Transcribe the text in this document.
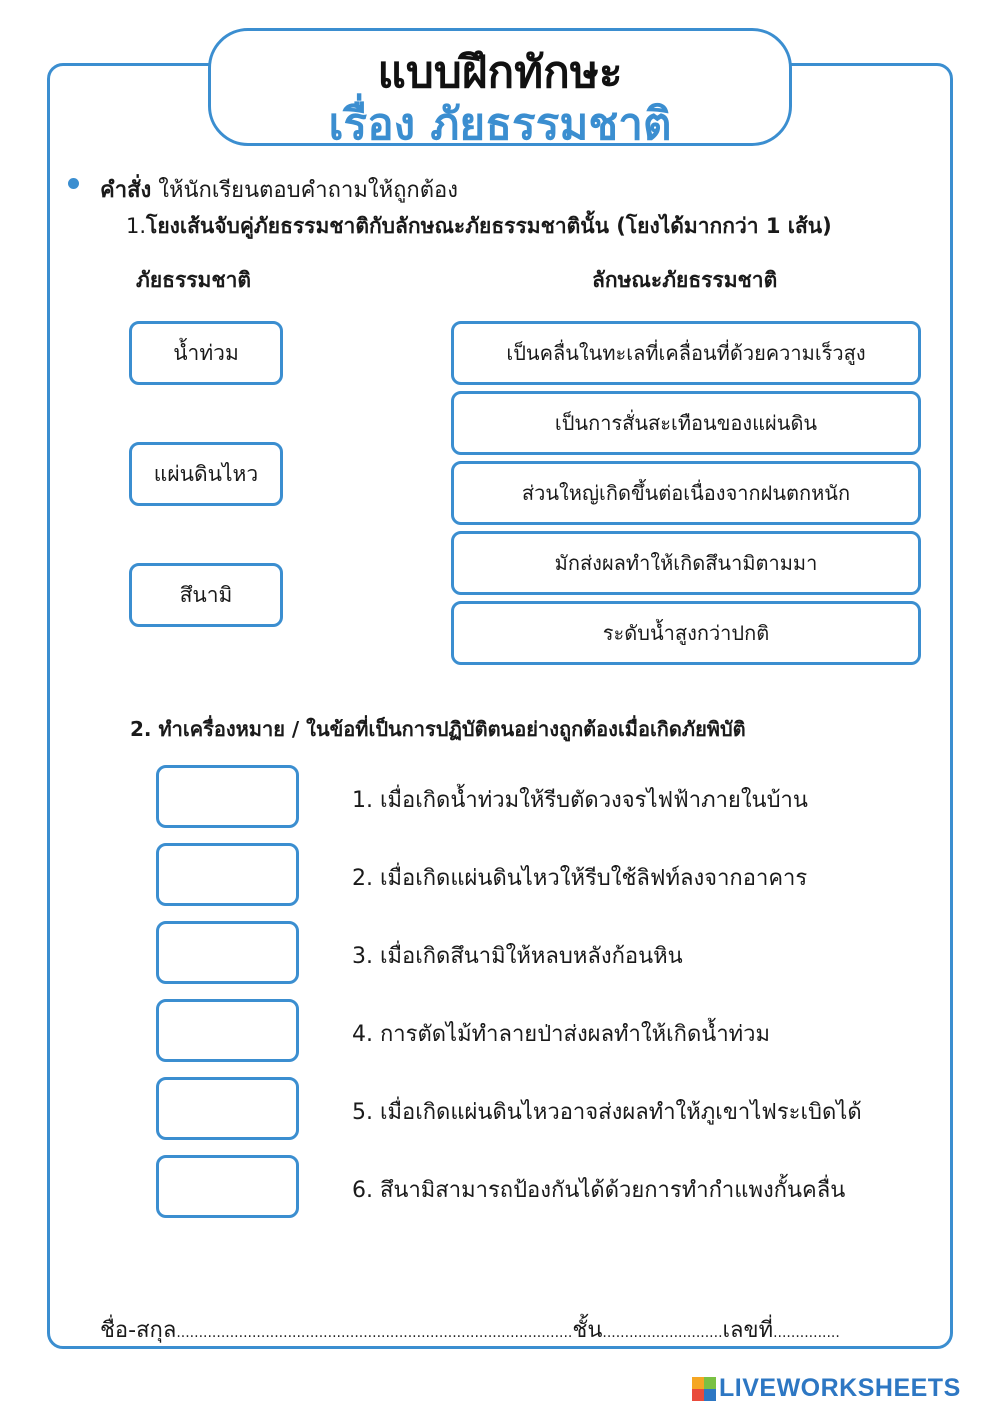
แบบฝึกทักษะ
เรื่อง ภัยธรรมชาติ
คำสั่ง ให้นักเรียนตอบคำถามให้ถูกต้อง
1.โยงเส้นจับคู่ภัยธรรมชาติกับลักษณะภัยธรรมชาตินั้น (โยงได้มากกว่า 1 เส้น)
ภัยธรรมชาติ	ลักษณะภัยธรรมชาติ
น้ำท่วม
แผ่นดินไหว
สึนามิ
เป็นคลื่นในทะเลที่เคลื่อนที่ด้วยความเร็วสูง
เป็นการสั่นสะเทือนของแผ่นดิน
ส่วนใหญ่เกิดขึ้นต่อเนื่องจากฝนตกหนัก
มักส่งผลทำให้เกิดสึนามิตามมา
ระดับน้ำสูงกว่าปกติ
2. ทำเครื่องหมาย / ในข้อที่เป็นการปฏิบัติตนอย่างถูกต้องเมื่อเกิดภัยพิบัติ
1. เมื่อเกิดน้ำท่วมให้รีบตัดวงจรไฟฟ้าภายในบ้าน
2. เมื่อเกิดแผ่นดินไหวให้รีบใช้ลิฟท์ลงจากอาคาร
3. เมื่อเกิดสึนามิให้หลบหลังก้อนหิน
4. การตัดไม้ทำลายป่าส่งผลทำให้เกิดน้ำท่วม
5. เมื่อเกิดแผ่นดินไหวอาจส่งผลทำให้ภูเขาไฟระเบิดได้
6. สึนามิสามารถป้องกันได้ด้วยการทำกำแพงกั้นคลื่น
ชื่อ-สกุล.........................................................................................ชั้น...........................เลขที่...............
LIVEWORKSHEETS
